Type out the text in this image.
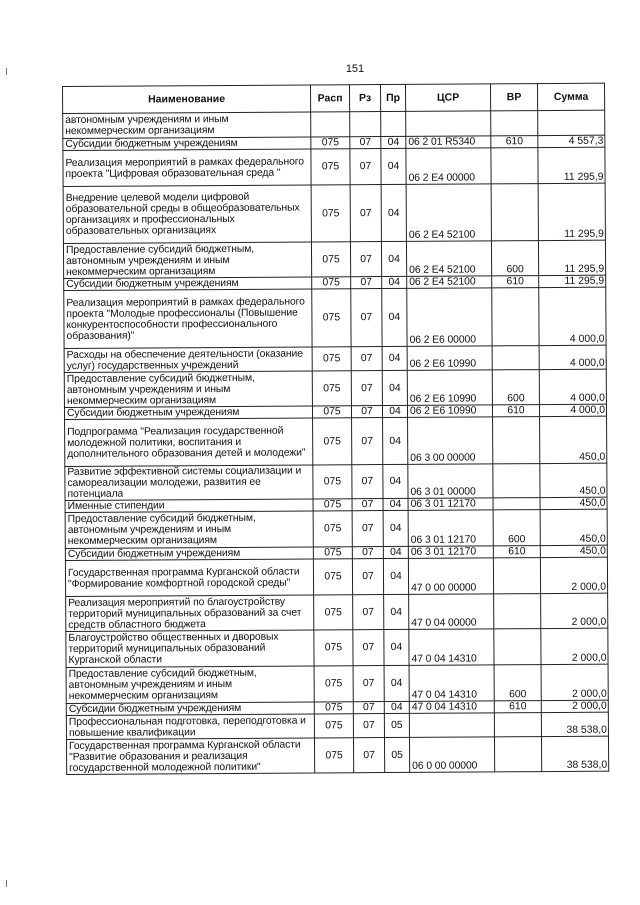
151
Наименование	Расп	Рз	Пр	ЦСР	ВР	Сумма
автономным учреждениям и иным некоммерческим организациям						
Субсидии бюджетным учреждениям	075	07	04	06 2 01 R5340	610	4 557,3
Реализация мероприятий в рамках федерального проекта "Цифровая образовательная среда "	075	07	04	06 2 E4 00000		11 295,9
Внедрение целевой модели цифровой образовательной среды в общеобразовательных организациях и профессиональных образовательных организациях	075	07	04	06 2 E4 52100		11 295,9
Предоставление субсидий бюджетным, автономным учреждениям и иным некоммерческим организациям	075	07	04	06 2 E4 52100	600	11 295,9
Субсидии бюджетным учреждениям	075	07	04	06 2 E4 52100	610	11 295,9
Реализация мероприятий в рамках федерального проекта "Молодые профессионалы (Повышение конкурентоспособности профессионального образования)"	075	07	04	06 2 E6 00000		4 000,0
Расходы на обеспечение деятельности (оказание услуг) государственных учреждений	075	07	04	06 2 E6 10990		4 000,0
Предоставление субсидий бюджетным, автономным учреждениям и иным некоммерческим организациям	075	07	04	06 2 E6 10990	600	4 000,0
Субсидии бюджетным учреждениям	075	07	04	06 2 E6 10990	610	4 000,0
Подпрограмма "Реализация государственной молодежной политики, воспитания и дополнительного образования детей и молодежи"	075	07	04	06 3 00 00000		450,0
Развитие эффективной системы социализации и самореализации молодежи, развития ее потенциала	075	07	04	06 3 01 00000		450,0
Именные стипендии	075	07	04	06 3 01 12170		450,0
Предоставление субсидий бюджетным, автономным учреждениям и иным некоммерческим организациям	075	07	04	06 3 01 12170	600	450,0
Субсидии бюджетным учреждениям	075	07	04	06 3 01 12170	610	450,0
Государственная программа Курганской области "Формирование комфортной городской среды"	075	07	04	47 0 00 00000		2 000,0
Реализация мероприятий по благоустройству территорий муниципальных образований за счет средств областного бюджета	075	07	04	47 0 04 00000		2 000,0
Благоустройство общественных и дворовых территорий муниципальных образований Курганской области	075	07	04	47 0 04 14310		2 000,0
Предоставление субсидий бюджетным, автономным учреждениям и иным некоммерческим организациям	075	07	04	47 0 04 14310	600	2 000,0
Субсидии бюджетным учреждениям	075	07	04	47 0 04 14310	610	2 000,0
Профессиональная подготовка, переподготовка и повышение квалификации	075	07	05			38 538,0
Государственная программа Курганской области "Развитие образования и реализация государственной молодежной политики"	075	07	05	06 0 00 00000		38 538,0
